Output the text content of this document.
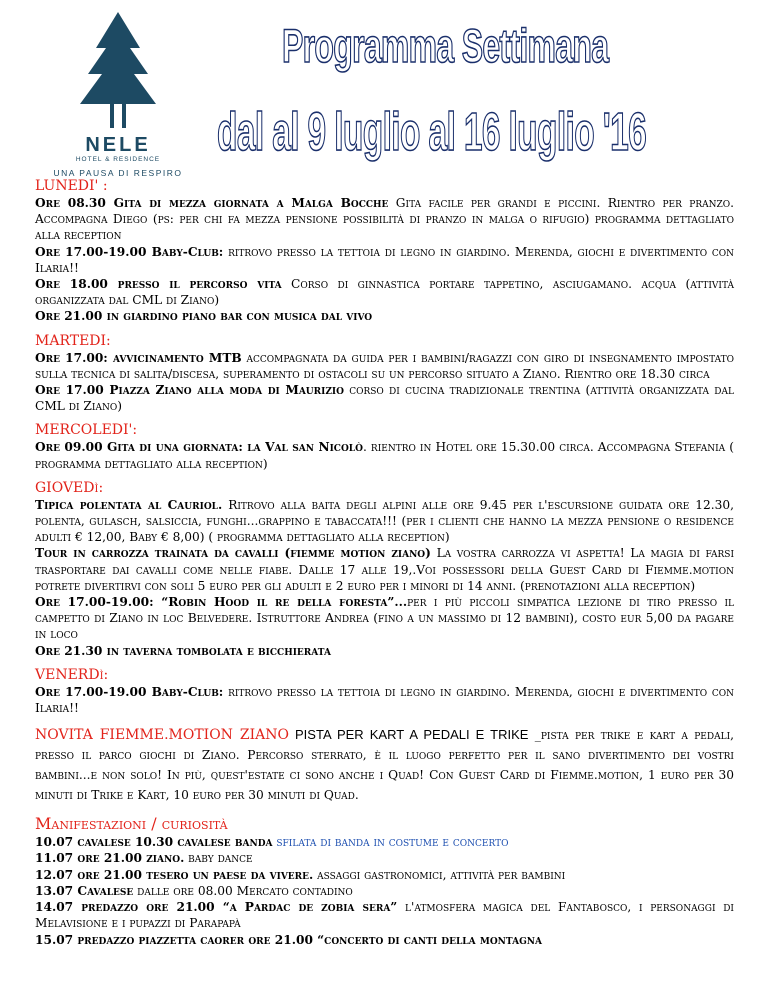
NELE
HOTEL & RESIDENCE
UNA PAUSA DI RESPIRO
Programma Settimana
dal al 9 luglio al 16 luglio '16
LUNEDI' :

Ore 08.30 Gita di mezza giornata a Malga Bocche Gita facile per grandi e piccini. Rientro per pranzo. Accompagna Diego (ps: per chi fa mezza pensione possibilità di pranzo in malga o rifugio) programma dettagliato alla reception

Ore 17.00-19.00 Baby-Club: ritrovo presso la tettoia di legno in giardino. Merenda, giochi e divertimento con Ilaria!!

Ore 18.00 presso il percorso vita Corso di ginnastica portare tappetino, asciugamano. acqua (attività organizzata dal CML di Ziano)

Ore 21.00 in giardino piano bar con musica dal vivo

MARTEDI:

Ore 17.00: avvicinamento MTB accompagnata da guida per i bambini/ragazzi con giro di insegnamento impostato sulla tecnica di salita/discesa, superamento di ostacoli su un percorso situato a Ziano. Rientro ore 18.30 circa

Ore 17.00 Piazza Ziano alla moda di Maurizio corso di cucina tradizionale trentina (attività organizzata dal CML di Ziano)

MERCOLEDI':

Ore 09.00 Gita di una giornata: la Val san Nicolò. rientro in Hotel ore 15.30.00 circa. Accompagna Stefania ( programma dettagliato alla reception)

GIOVEDì:

Tipica polentata al Cauriol. Ritrovo alla baita degli alpini alle ore 9.45 per l'escursione guidata ore 12.30, polenta, gulasch, salsiccia, funghi...grappino e tabaccata!!! (per i clienti che hanno la mezza pensione o residence adulti € 12,00, Baby € 8,00) ( programma dettagliato alla reception)

Tour in carrozza trainata da cavalli (fiemme motion ziano) La vostra carrozza vi aspetta! La magia di farsi trasportare dai cavalli come nelle fiabe. Dalle 17 alle 19,.Voi possessori della Guest Card di Fiemme.motion potrete divertirvi con soli 5 euro per gli adulti e 2 euro per i minori di 14 anni. (prenotazioni alla reception)

Ore 17.00-19.00: “Robin Hood il re della foresta”...per i più piccoli simpatica lezione di tiro presso il campetto di Ziano in loc Belvedere. Istruttore Andrea (fino a un massimo di 12 bambini), costo eur 5,00 da pagare in loco

Ore 21.30 in taverna tombolata e bicchierata

VENERDì:

Ore 17.00-19.00 Baby-Club: ritrovo presso la tettoia di legno in giardino. Merenda, giochi e divertimento con Ilaria!!

NOVITA FIEMME.MOTION ZIANO PISTA PER KART A PEDALI E TRIKE _pista per trike e kart a pedali, presso il parco giochi di Ziano. Percorso sterrato, è il luogo perfetto per il sano divertimento dei vostri bambini...e non solo! In più, quest'estate ci sono anche i Quad! Con Guest Card di Fiemme.motion, 1 euro per 30 minuti di Trike e Kart, 10 euro per 30 minuti di Quad.

Manifestazioni / curiosità

10.07 cavalese 10.30 cavalese banda sfilata di banda in costume e concerto

11.07 ore 21.00 ziano. baby dance

12.07 ore 21.00 tesero un paese da vivere. assaggi gastronomici, attività per bambini

13.07 Cavalese dalle ore 08.00 Mercato contadino

14.07 predazzo ore 21.00 “a Pardac de zobia sera” l'atmosfera magica del Fantabosco, i personaggi di Melavisione e i pupazzi di Parapapà

15.07 predazzo piazzetta caorer ore 21.00 “concerto di canti della montagna
